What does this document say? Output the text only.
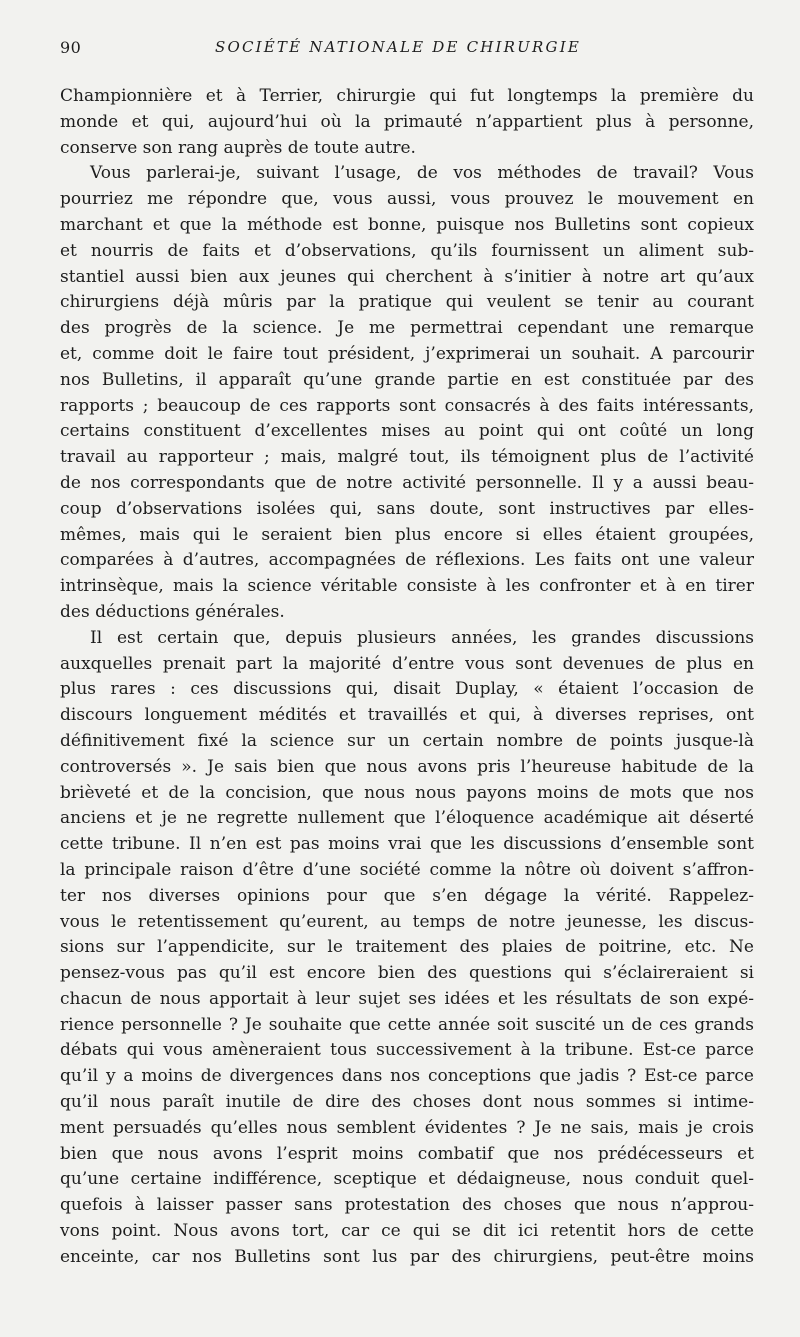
90	SOCIÉTÉ NATIONALE DE CHIRURGIE
Championnière et à Terrier, chirurgie qui fut longtemps la première du
monde et qui, aujourd’hui où la primauté n’appartient plus à personne,
conserve son rang auprès de toute autre.
Vous parlerai-je, suivant l’usage, de vos méthodes de travail? Vous
pourriez me répondre que, vous aussi, vous prouvez le mouvement en
marchant et que la méthode est bonne, puisque nos Bulletins sont copieux
et nourris de faits et d’observations, qu’ils fournissent un aliment sub-
stantiel aussi bien aux jeunes qui cherchent à s’initier à notre art qu’aux
chirurgiens déjà mûris par la pratique qui veulent se tenir au courant
des progrès de la science. Je me permettrai cependant une remarque
et, comme doit le faire tout président, j’exprimerai un souhait. A parcourir
nos Bulletins, il apparaît qu’une grande partie en est constituée par des
rapports ; beaucoup de ces rapports sont consacrés à des faits intéressants,
certains constituent d’excellentes mises au point qui ont coûté un long
travail au rapporteur ; mais, malgré tout, ils témoignent plus de l’activité
de nos correspondants que de notre activité personnelle. Il y a aussi beau-
coup d’observations isolées qui, sans doute, sont instructives par elles-
mêmes, mais qui le seraient bien plus encore si elles étaient groupées,
comparées à d’autres, accompagnées de réflexions. Les faits ont une valeur
intrinsèque, mais la science véritable consiste à les confronter et à en tirer
des déductions générales.
Il est certain que, depuis plusieurs années, les grandes discussions
auxquelles prenait part la majorité d’entre vous sont devenues de plus en
plus rares : ces discussions qui, disait Duplay, « étaient l’occasion de
discours longuement médités et travaillés et qui, à diverses reprises, ont
définitivement fixé la science sur un certain nombre de points jusque-là
controversés ». Je sais bien que nous avons pris l’heureuse habitude de la
brièveté et de la concision, que nous nous payons moins de mots que nos
anciens et je ne regrette nullement que l’éloquence académique ait déserté
cette tribune. Il n’en est pas moins vrai que les discussions d’ensemble sont
la principale raison d’être d’une société comme la nôtre où doivent s’affron-
ter nos diverses opinions pour que s’en dégage la vérité. Rappelez-
vous le retentissement qu’eurent, au temps de notre jeunesse, les discus-
sions sur l’appendicite, sur le traitement des plaies de poitrine, etc. Ne
pensez-vous pas qu’il est encore bien des questions qui s’éclaireraient si
chacun de nous apportait à leur sujet ses idées et les résultats de son expé-
rience personnelle ? Je souhaite que cette année soit suscité un de ces grands
débats qui vous amèneraient tous successivement à la tribune. Est-ce parce
qu’il y a moins de divergences dans nos conceptions que jadis ? Est-ce parce
qu’il nous paraît inutile de dire des choses dont nous sommes si intime-
ment persuadés qu’elles nous semblent évidentes ? Je ne sais, mais je crois
bien que nous avons l’esprit moins combatif que nos prédécesseurs et
qu’une certaine indifférence, sceptique et dédaigneuse, nous conduit quel-
quefois à laisser passer sans protestation des choses que nous n’approu-
vons point. Nous avons tort, car ce qui se dit ici retentit hors de cette
enceinte, car nos Bulletins sont lus par des chirurgiens, peut-être moins
